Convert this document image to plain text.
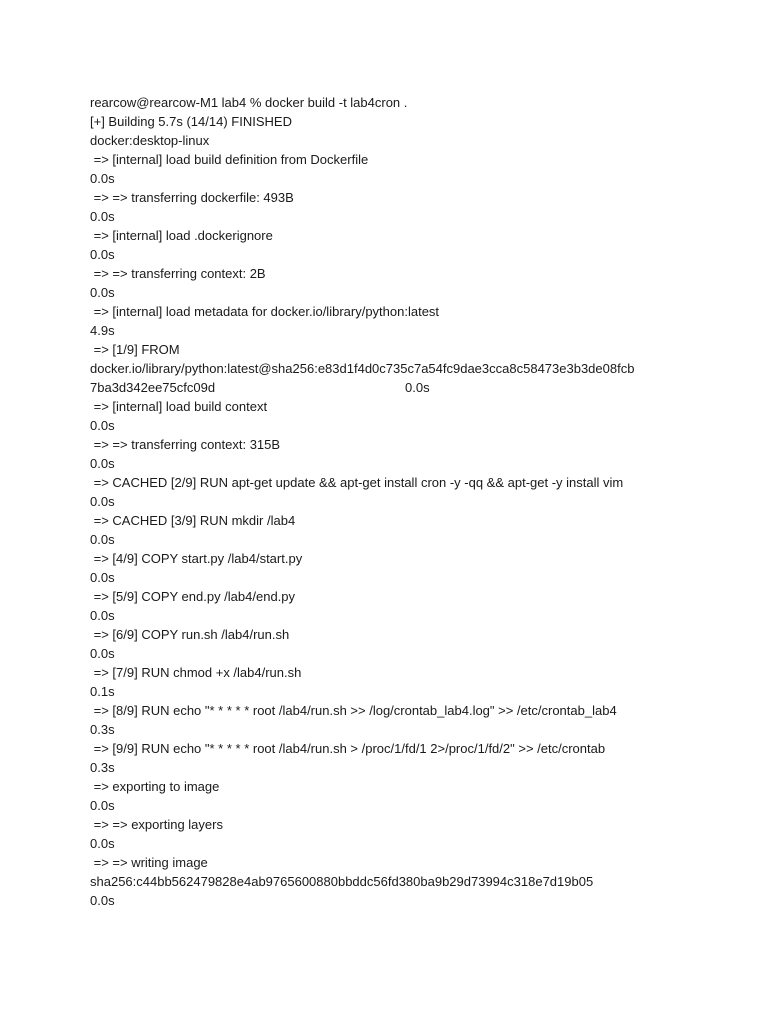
rearcow@rearcow-M1 lab4 % docker build -t lab4cron .
[+] Building 5.7s (14/14) FINISHED
docker:desktop-linux
=> [internal] load build definition from Dockerfile
0.0s
=> => transferring dockerfile: 493B
0.0s
=> [internal] load .dockerignore
0.0s
=> => transferring context: 2B
0.0s
=> [internal] load metadata for docker.io/library/python:latest
4.9s
=> [1/9] FROM
docker.io/library/python:latest@sha256:e83d1f4d0c735c7a54fc9dae3cca8c58473e3b3de08fcb
7ba3d342ee75cfc09d	0.0s
=> [internal] load build context
0.0s
=> => transferring context: 315B
0.0s
=> CACHED [2/9] RUN apt-get update && apt-get install cron -y -qq && apt-get -y install vim
0.0s
=> CACHED [3/9] RUN mkdir /lab4
0.0s
=> [4/9] COPY start.py /lab4/start.py
0.0s
=> [5/9] COPY end.py /lab4/end.py
0.0s
=> [6/9] COPY run.sh /lab4/run.sh
0.0s
=> [7/9] RUN chmod +x /lab4/run.sh
0.1s
=> [8/9] RUN echo "* * * * * root /lab4/run.sh >> /log/crontab_lab4.log" >> /etc/crontab_lab4
0.3s
=> [9/9] RUN echo "* * * * * root /lab4/run.sh > /proc/1/fd/1 2>/proc/1/fd/2" >> /etc/crontab
0.3s
=> exporting to image
0.0s
=> => exporting layers
0.0s
=> => writing image
sha256:c44bb562479828e4ab9765600880bbddc56fd380ba9b29d73994c318e7d19b05
0.0s
